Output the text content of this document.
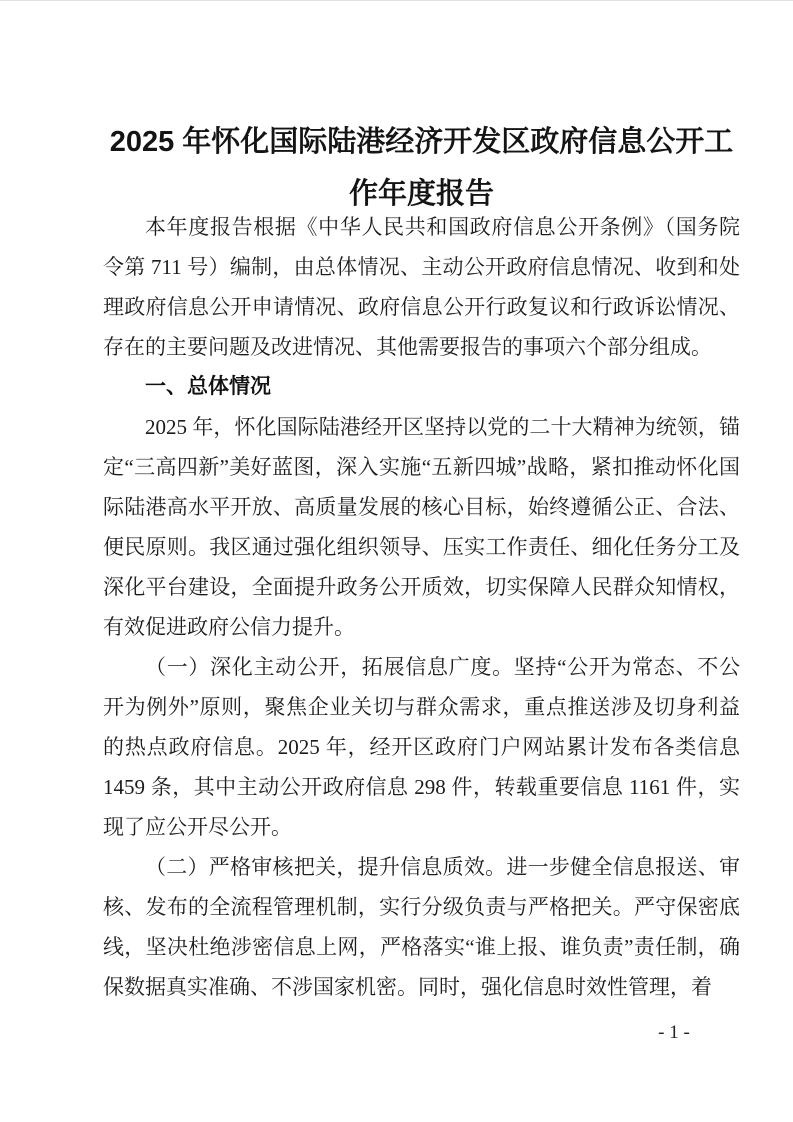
2025 年怀化国际陆港经济开发区政府信息公开工作年度报告

本年度报告根据《中华人民共和国政府信息公开条例》（国务院令第 711 号）编制，由总体情况、主动公开政府信息情况、收到和处理政府信息公开申请情况、政府信息公开行政复议和行政诉讼情况、存在的主要问题及改进情况、其他需要报告的事项六个部分组成。

一、总体情况

2025 年，怀化国际陆港经开区坚持以党的二十大精神为统领，锚定“三高四新”美好蓝图，深入实施“五新四城”战略，紧扣推动怀化国际陆港高水平开放、高质量发展的核心目标，始终遵循公正、合法、便民原则。我区通过强化组织领导、压实工作责任、细化任务分工及深化平台建设，全面提升政务公开质效，切实保障人民群众知情权，有效促进政府公信力提升。

（一）深化主动公开，拓展信息广度。坚持“公开为常态、不公开为例外”原则，聚焦企业关切与群众需求，重点推送涉及切身利益的热点政府信息。2025 年，经开区政府门户网站累计发布各类信息 1459 条，其中主动公开政府信息 298 件，转载重要信息 1161 件，实现了应公开尽公开。

（二）严格审核把关，提升信息质效。进一步健全信息报送、审核、发布的全流程管理机制，实行分级负责与严格把关。严守保密底线，坚决杜绝涉密信息上网，严格落实“谁上报、谁负责”责任制，确保数据真实准确、不涉国家机密。同时，强化信息时效性管理，着

- 1 -
